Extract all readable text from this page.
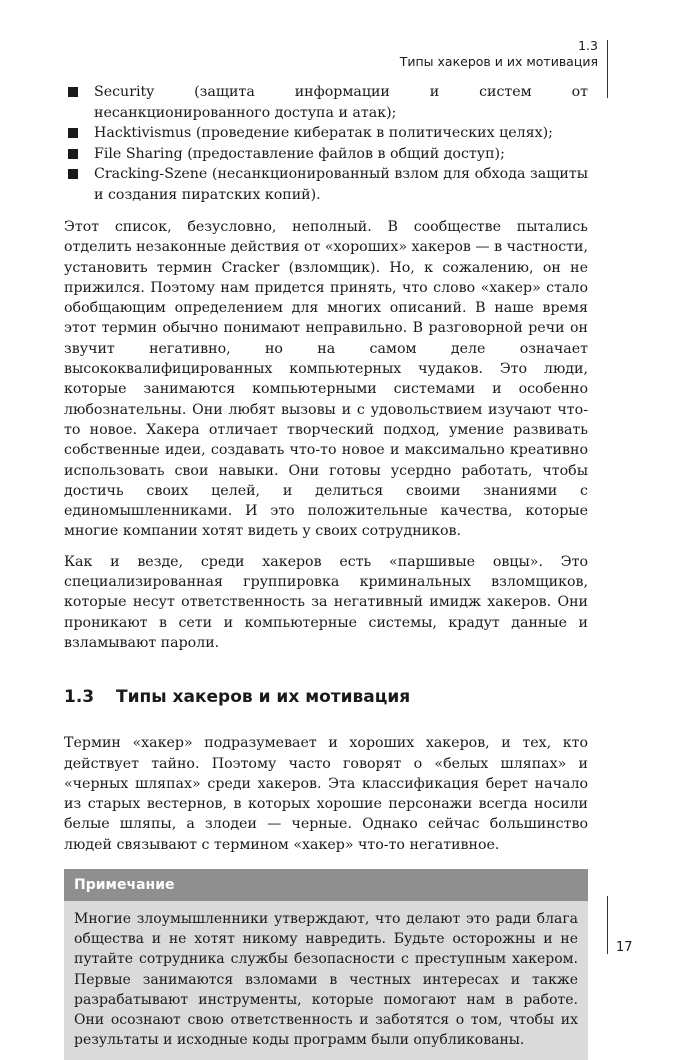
1.3
Типы хакеров и их мотивация
Security (защита информации и систем от несанкционированного доступа и атак);
Hacktivismus (проведение кибератак в политических целях);
File Sharing (предоставление файлов в общий доступ);
Cracking-Szene (несанкционированный взлом для обхода защиты и создания пиратских копий).

Этот список, безусловно, неполный. В сообществе пытались отделить незаконные действия от «хороших» хакеров — в частности, установить термин Cracker (взломщик). Но, к сожалению, он не прижился. Поэтому нам придется принять, что слово «хакер» стало обобщающим определением для многих описаний. В наше время этот термин обычно понимают неправильно. В разговорной речи он звучит негативно, но на самом деле означает высококвалифицированных компьютерных чудаков. Это люди, которые занимаются компьютерными системами и особенно любознательны. Они любят вызовы и с удовольствием изучают что-то новое. Хакера отличает творческий подход, умение развивать собственные идеи, создавать что-то новое и максимально креативно использовать свои навыки. Они готовы усердно работать, чтобы достичь своих целей, и делиться своими знаниями с единомышленниками. И это положительные качества, которые многие компании хотят видеть у своих сотрудников.

Как и везде, среди хакеров есть «паршивые овцы». Это специализированная группировка криминальных взломщиков, которые несут ответственность за негативный имидж хакеров. Они проникают в сети и компьютерные системы, крадут данные и взламывают пароли.

1.3	Типы хакеров и их мотивация

Термин «хакер» подразумевает и хороших хакеров, и тех, кто действует тайно. Поэтому часто говорят о «белых шляпах» и «черных шляпах» среди хакеров. Эта классификация берет начало из старых вестернов, в которых хорошие персонажи всегда носили белые шляпы, а злодеи — черные. Однако сейчас большинство людей связывают с термином «хакер» что-то негативное.

Примечание

Многие злоумышленники утверждают, что делают это ради блага общества и не хотят никому навредить. Будьте осторожны и не путайте сотрудника службы безопасности с преступным хакером. Первые занимаются взломами в честных интересах и также разрабатывают инструменты, которые помогают нам в работе. Они осознают свою ответственность и заботятся о том, чтобы их результаты и исходные коды программ были опубликованы.

17
